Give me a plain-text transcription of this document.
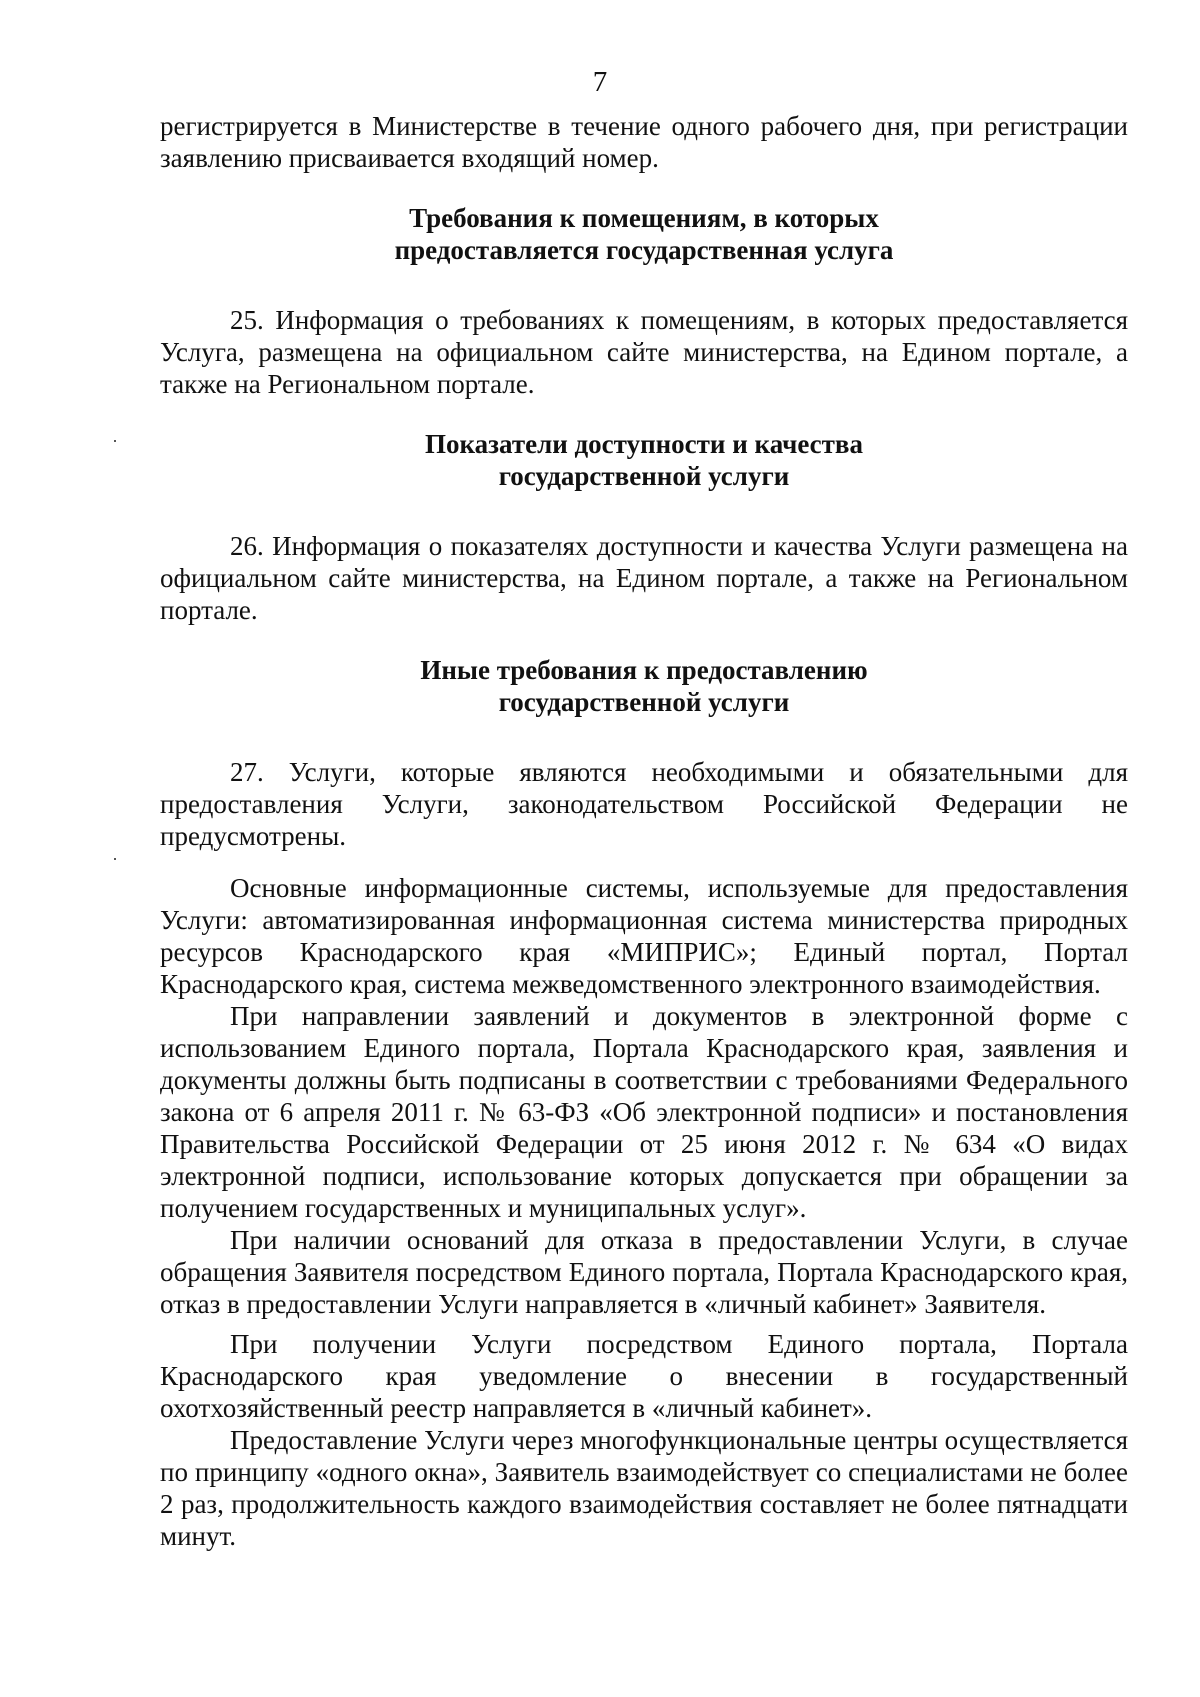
7

регистрируется в Министерстве в течение одного рабочего дня, при регистрации заявлению присваивается входящий номер.

Требования к помещениям, в которых
предоставляется государственная услуга

25. Информация о требованиях к помещениям, в которых предоставляется Услуга, размещена на официальном сайте министерства, на Едином портале, а также на Региональном портале.

Показатели доступности и качества
государственной услуги

26. Информация о показателях доступности и качества Услуги размещена на официальном сайте министерства, на Едином портале, а также на Региональном портале.

Иные требования к предоставлению
государственной услуги

27. Услуги, которые являются необходимыми и обязательными для предоставления Услуги, законодательством Российской Федерации не предусмотрены.

Основные информационные системы, используемые для предоставления Услуги: автоматизированная информационная система министерства природных ресурсов Краснодарского края «МИПРИС»; Единый портал, Портал Краснодарского края, система межведомственного электронного взаимодействия.

При направлении заявлений и документов в электронной форме с использованием Единого портала, Портала Краснодарского края, заявления и документы должны быть подписаны в соответствии с требованиями Федерального закона от 6 апреля 2011 г. № 63-ФЗ «Об электронной подписи» и постановления Правительства Российской Федерации от 25 июня 2012 г. № 634 «О видах электронной подписи, использование которых допускается при обращении за получением государственных и муниципальных услуг».

При наличии оснований для отказа в предоставлении Услуги, в случае обращения Заявителя посредством Единого портала, Портала Краснодарского края, отказ в предоставлении Услуги направляется в «личный кабинет» Заявителя.

При получении Услуги посредством Единого портала, Портала Краснодарского края уведомление о внесении в государственный охотхозяйственный реестр направляется в «личный кабинет».

Предоставление Услуги через многофункциональные центры осуществляется по принципу «одного окна», Заявитель взаимодействует со специалистами не более 2 раз, продолжительность каждого взаимодействия составляет не более пятнадцати минут.
